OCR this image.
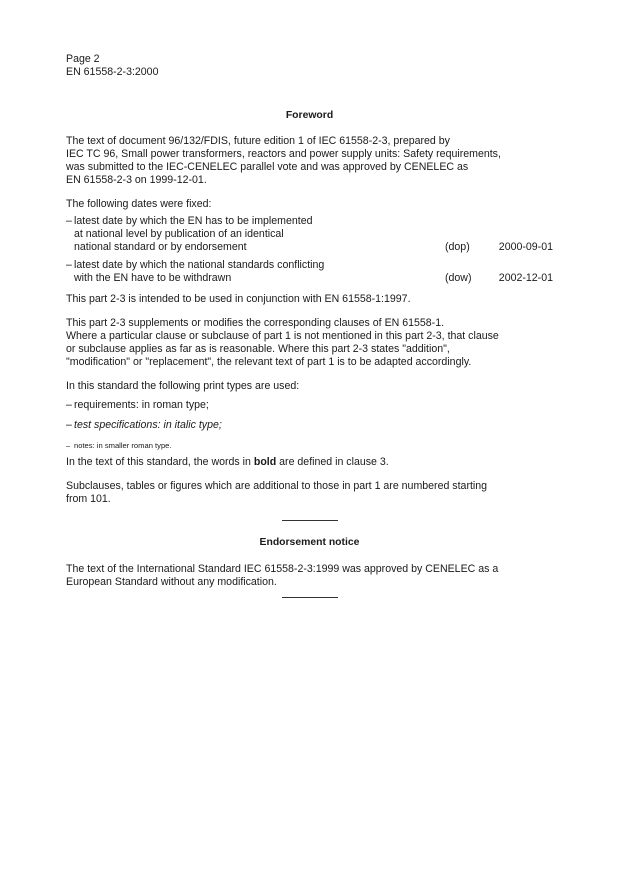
Page 2
EN 61558-2-3:2000
Foreword

The text of document 96/132/FDIS, future edition 1 of IEC 61558-2-3, prepared by
IEC TC 96, Small power transformers, reactors and power supply units: Safety requirements,
was submitted to the IEC-CENELEC parallel vote and was approved by CENELEC as
EN 61558-2-3 on 1999-12-01.

The following dates were fixed:

– latest date by which the EN has to be implemented
at national level by publication of an identical
national standard or by endorsement	(dop)	2000-09-01
– latest date by which the national standards conflicting
with the EN have to be withdrawn	(dow)	2002-12-01

This part 2-3 is intended to be used in conjunction with EN 61558-1:1997.

This part 2-3 supplements or modifies the corresponding clauses of EN 61558-1.
Where a particular clause or subclause of part 1 is not mentioned in this part 2-3, that clause
or subclause applies as far as is reasonable. Where this part 2-3 states "addition",
"modification" or "replacement", the relevant text of part 1 is to be adapted accordingly.

In this standard the following print types are used:

– requirements: in roman type;
– test specifications: in italic type;
– notes: in smaller roman type.

In the text of this standard, the words in bold are defined in clause 3.

Subclauses, tables or figures which are additional to those in part 1 are numbered starting
from 101.

Endorsement notice

The text of the International Standard IEC 61558-2-3:1999 was approved by CENELEC as a
European Standard without any modification.
